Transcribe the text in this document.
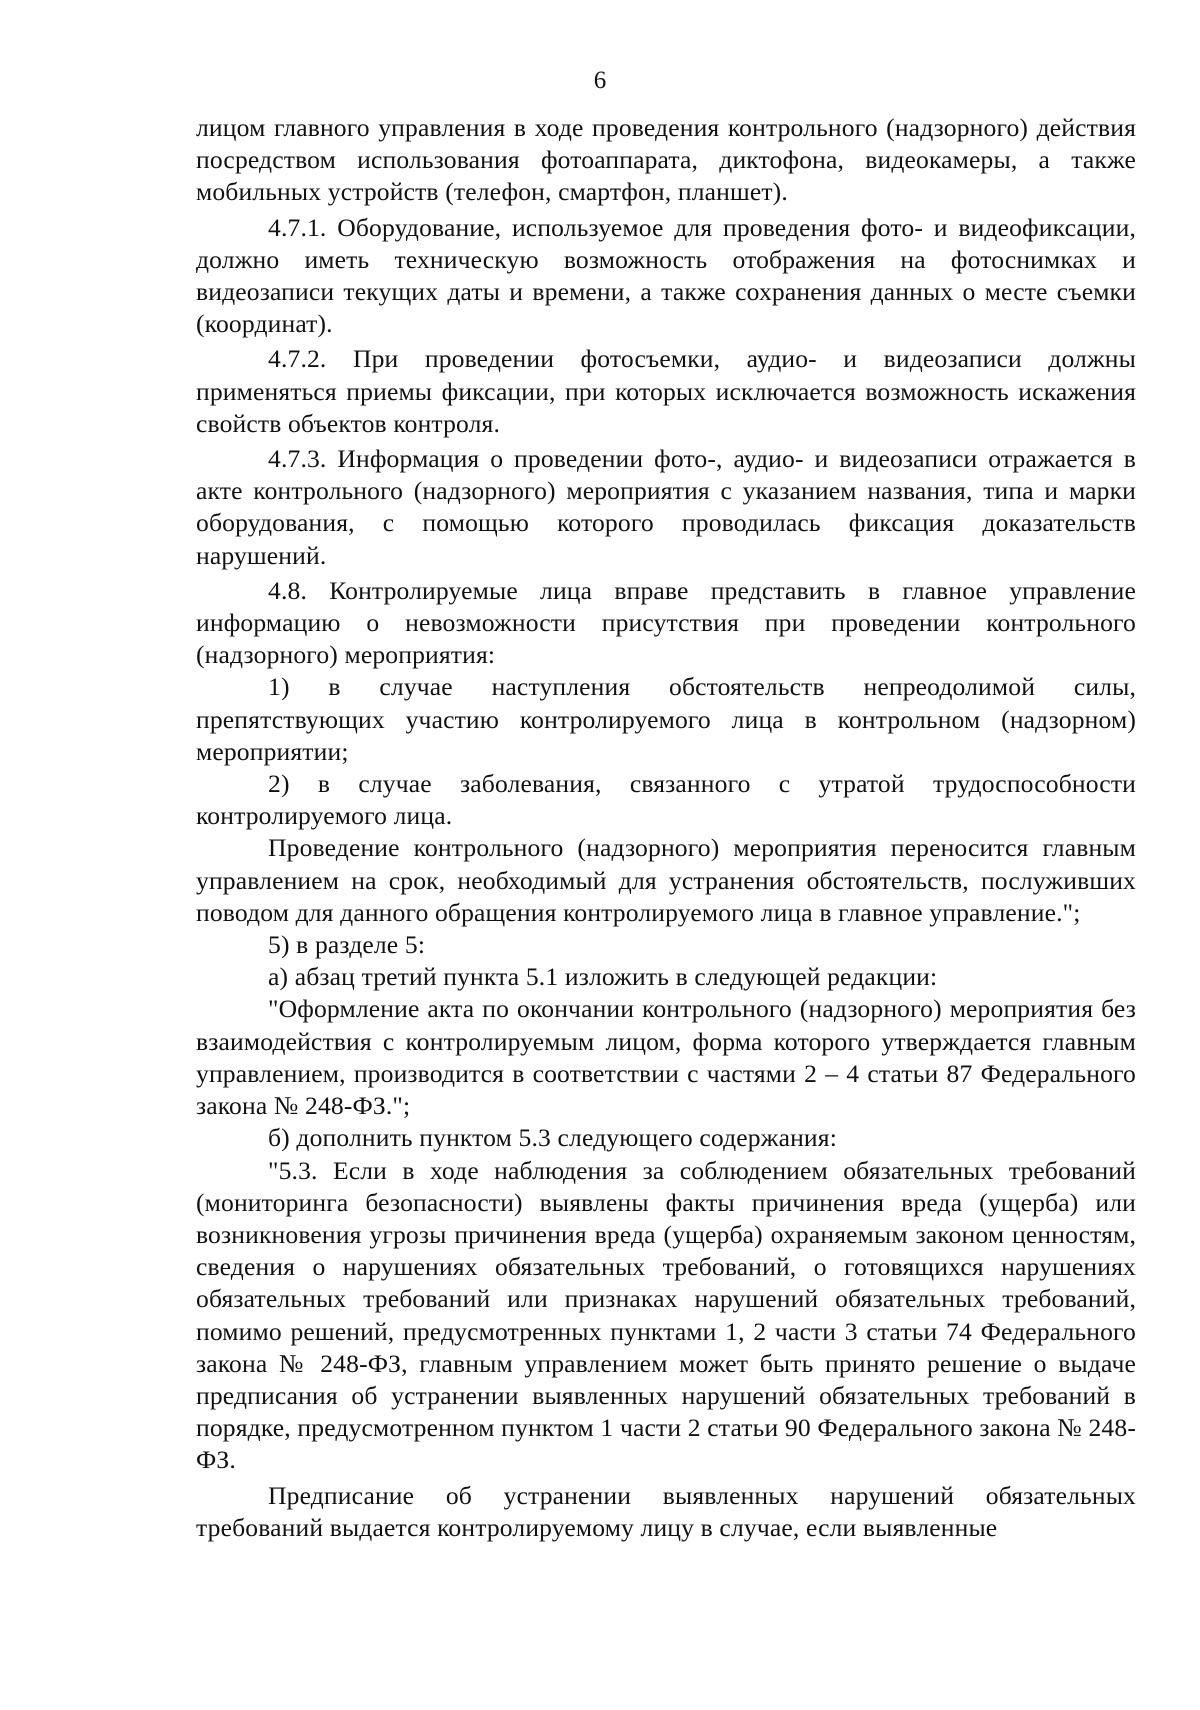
6

лицом главного управления в ходе проведения контрольного (надзорного) действия посредством использования фотоаппарата, диктофона, видеокамеры, а также мобильных устройств (телефон, смартфон, планшет).

4.7.1. Оборудование, используемое для проведения фото- и видеофиксации, должно иметь техническую возможность отображения на фотоснимках и видеозаписи текущих даты и времени, а также сохранения данных о месте съемки (координат).

4.7.2. При проведении фотосъемки, аудио- и видеозаписи должны применяться приемы фиксации, при которых исключается возможность искажения свойств объектов контроля.

4.7.3. Информация о проведении фото-, аудио- и видеозаписи отражается в акте контрольного (надзорного) мероприятия с указанием названия, типа и марки оборудования, с помощью которого проводилась фиксация доказательств нарушений.

4.8. Контролируемые лица вправе представить в главное управление информацию о невозможности присутствия при проведении контрольного (надзорного) мероприятия:

1) в случае наступления обстоятельств непреодолимой силы, препятствующих участию контролируемого лица в контрольном (надзорном) мероприятии;

2) в случае заболевания, связанного с утратой трудоспособности контролируемого лица.

Проведение контрольного (надзорного) мероприятия переносится главным управлением на срок, необходимый для устранения обстоятельств, послуживших поводом для данного обращения контролируемого лица в главное управление.";

5) в разделе 5:

а) абзац третий пункта 5.1 изложить в следующей редакции:

"Оформление акта по окончании контрольного (надзорного) мероприятия без взаимодействия с контролируемым лицом, форма которого утверждается главным управлением, производится в соответствии с частями 2 – 4 статьи 87 Федерального закона № 248-ФЗ.";

б) дополнить пунктом 5.3 следующего содержания:

"5.3. Если в ходе наблюдения за соблюдением обязательных требований (мониторинга безопасности) выявлены факты причинения вреда (ущерба) или возникновения угрозы причинения вреда (ущерба) охраняемым законом ценностям, сведения о нарушениях обязательных требований, о готовящихся нарушениях обязательных требований или признаках нарушений обязательных требований, помимо решений, предусмотренных пунктами 1, 2 части 3 статьи 74 Федерального закона № 248-ФЗ, главным управлением может быть принято решение о выдаче предписания об устранении выявленных нарушений обязательных требований в порядке, предусмотренном пунктом 1 части 2 статьи 90 Федерального закона № 248-ФЗ.

Предписание об устранении выявленных нарушений обязательных требований выдается контролируемому лицу в случае, если выявленные
